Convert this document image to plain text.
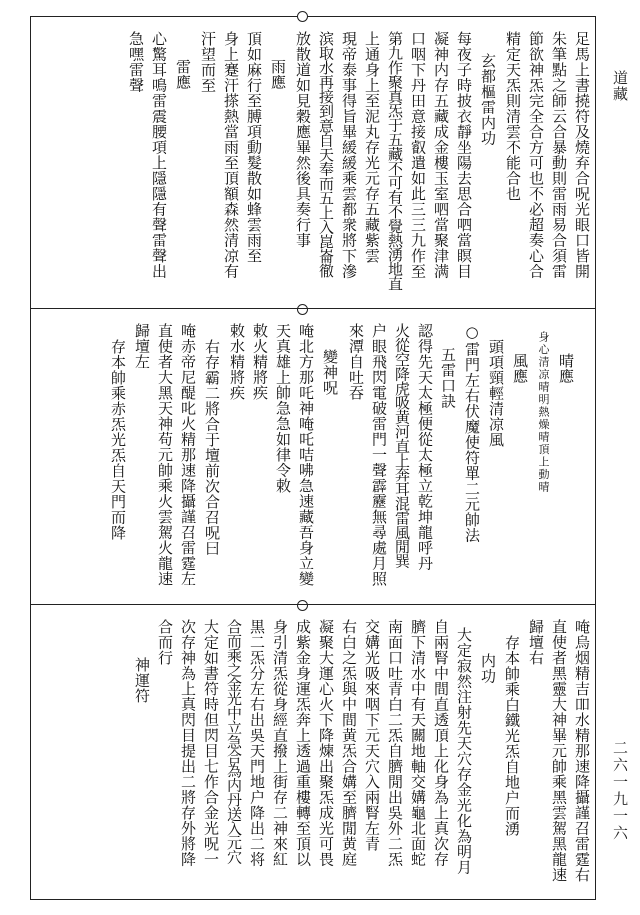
足馬上書撓符及燒弃合呪光眼口皆開
朱筆點之師云合暴動則雷雨易合須雷
節欲神炁完全合方可也不必超奏心合
精定天炁則清雲不能合也
玄都樞雷内功
每夜子時披衣靜坐陽去思合呬當瞑目
凝神内存五藏成金樓玉室呬當聚津满
口咽下丹田意接叡遣如此三三九作至
第九作聚真炁于五藏不可有不覺熱湧地直
上通身上至泥丸存光元存五藏紫雲
現帝泰事得旨畢緩緩乘雲都衆將下滲
滨取水再接到意自天奉而五上入崑崙徹
放散道如見穀應畢然後具奏行事
雨應
頂如麻行至膊項動髮散如蜂雲雨至
身上蹇汗搽熱當雨至頂額森然清凉有
汗望而至
雷應
心驚耳鳴雷震腰項上隱隱有聲雷聲出
急嘿雷聲
晴應
身心清凉晴明熱燥晴頂上動晴
風應
頭項頸輕清凉風
○雷門左右伏魔使符單二元帥法
五雷口訣
認得先天太極便從太極立乾坤龍呼丹
火從空降虎吸黄河直上奔耳混雷風閒巽
户眼飛閃電破雷門一聲霹靂無尋處月照
來潭自吐吞
變神呪
唵北方那吒神唵吒咭咈急速藏吾身立變
天真雄上帥急急如律令敕
敕火精將疾
敕水精將疾
右存霸二將合于壇前次合召呪曰
唵赤帝尼醍叱火精那速降攝謹召雷霆左
直使者大黑天神苟元帥乘火雲駕火龍速
歸壇左
存本帥乘赤炁光炁自天門而降
唵烏烟精吉吅水精那速降攝謹召雷霆右
直使者黑靈大神畢元帥乘黑雲駕黑龍速
歸壇右
存本帥乘白鐵光炁自地户而湧
内功
大定寂然注射先天穴存金光化為明月
自兩腎中間直透頂上化身為上真次存
臍下清水中有天關地軸交媾龜北面蛇
南面口吐青白二炁自臍閒出吳外二炁
交媾光吸來咽下元天穴入兩腎左青
右白之炁與中間黄炁合媾至臍閒黄庭
凝聚大運心火下降煉出聚炁成光可畏
成紫金身運炁奔上透過重樓轉至頂以
身引清炁從身經直撥上街存二神來紅
黒二炁分左右出吳天門地户降出二将
合而乘之金光中立急合為内丹送入元穴
大定如書符時但閃目七作合金光呪一
次存神為上真閃目提出二將存外將降
合而行
神運符
道藏
二六一九一六
